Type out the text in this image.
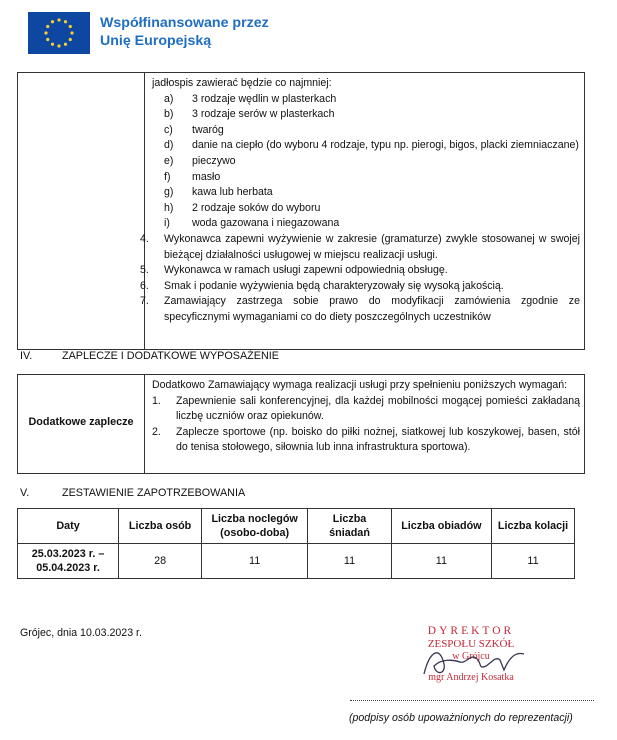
Współfinansowane przez
Unię Europejską
jadłospis zawierać będzie co najmniej:
a)	3 rodzaje wędlin w plasterkach
b)	3 rodzaje serów w plasterkach
c)	twaróg
d)	danie na ciepło (do wyboru 4 rodzaje, typu np. pierogi, bigos, placki ziemniaczane)
e)	pieczywo
f)	masło
g)	kawa lub herbata
h)	2 rodzaje soków do wyboru
i)	woda gazowana i niegazowana
4.	Wykonawca zapewni wyżywienie w zakresie (gramaturze) zwykle stosowanej w swojej bieżącej działalności usługowej w miejscu realizacji usługi.
5.	Wykonawca w ramach usługi zapewni odpowiednią obsługę.
6.	Smak i podanie wyżywienia będą charakteryzowały się wysoką jakością.
7.	Zamawiający zastrzega sobie prawo do modyfikacji zamówienia zgodnie ze specyficznymi wymaganiami co do diety poszczególnych uczestników
IV.	ZAPLECZE I DODATKOWE WYPOSAŻENIE
Dodatkowe zaplecze
Dodatkowo Zamawiający wymaga realizacji usługi przy spełnieniu poniższych wymagań:
1.	Zapewnienie sali konferencyjnej, dla każdej mobilności mogącej pomieści zakładaną liczbę uczniów oraz opiekunów.
2.	Zaplecze sportowe (np. boisko do piłki nożnej, siatkowej lub koszykowej, basen, stół do tenisa stołowego, siłownia lub inna infrastruktura sportowa).
V.	ZESTAWIENIE ZAPOTRZEBOWANIA
Daty	Liczba osób	Liczba noclegów (osobo-doba)	Liczba śniadań	Liczba obiadów	Liczba kolacji
25.03.2023 r. – 05.04.2023 r.	28	11	11	11	11
Grójec, dnia 10.03.2023 r.	DYREKTOR
ZESPOŁU SZKÓŁ
w Grójcu
mgr Andrzej Kosatka
(podpisy osób upoważnionych do reprezentacji)
